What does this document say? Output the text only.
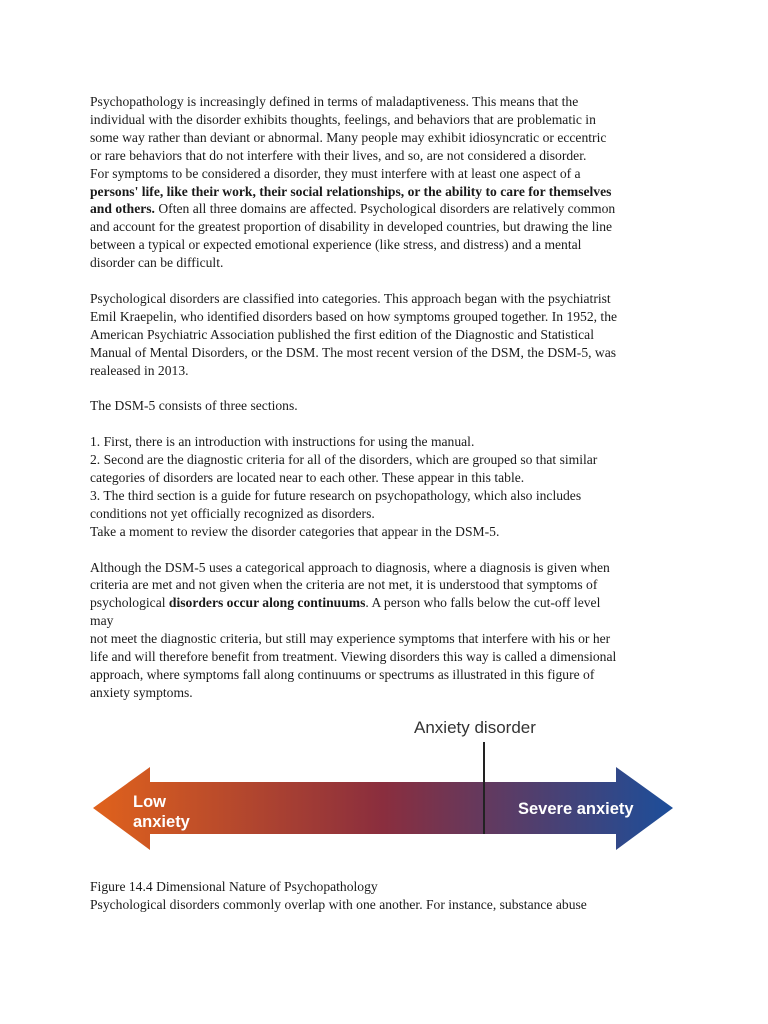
Psychopathology is increasingly defined in terms of maladaptiveness. This means that the
individual with the disorder exhibits thoughts, feelings, and behaviors that are problematic in
some way rather than deviant or abnormal. Many people may exhibit idiosyncratic or eccentric
or rare behaviors that do not interfere with their lives, and so, are not considered a disorder.
For symptoms to be considered a disorder, they must interfere with at least one aspect of a
persons' life, like their work, their social relationships, or the ability to care for themselves
and others. Often all three domains are affected. Psychological disorders are relatively common
and account for the greatest proportion of disability in developed countries, but drawing the line
between a typical or expected emotional experience (like stress, and distress) and a mental
disorder can be difficult.
Psychological disorders are classified into categories. This approach began with the psychiatrist
Emil Kraepelin, who identified disorders based on how symptoms grouped together. In 1952, the
American Psychiatric Association published the first edition of the Diagnostic and Statistical
Manual of Mental Disorders, or the DSM. The most recent version of the DSM, the DSM-5, was
realeased in 2013.
The DSM-5 consists of three sections.
1. First, there is an introduction with instructions for using the manual.
2. Second are the diagnostic criteria for all of the disorders, which are grouped so that similar
categories of disorders are located near to each other. These appear in this table.
3. The third section is a guide for future research on psychopathology, which also includes
conditions not yet officially recognized as disorders.
Take a moment to review the disorder categories that appear in the DSM-5.
Although the DSM-5 uses a categorical approach to diagnosis, where a diagnosis is given when
criteria are met and not given when the criteria are not met, it is understood that symptoms of
psychological disorders occur along continuums. A person who falls below the cut-off level
may
not meet the diagnostic criteria, but still may experience symptoms that interfere with his or her
life and will therefore benefit from treatment. Viewing disorders this way is called a dimensional
approach, where symptoms fall along continuums or spectrums as illustrated in this figure of
anxiety symptoms.
Anxiety disorder
Low
anxiety
Severe anxiety
Figure 14.4 Dimensional Nature of Psychopathology
Psychological disorders commonly overlap with one another. For instance, substance abuse
